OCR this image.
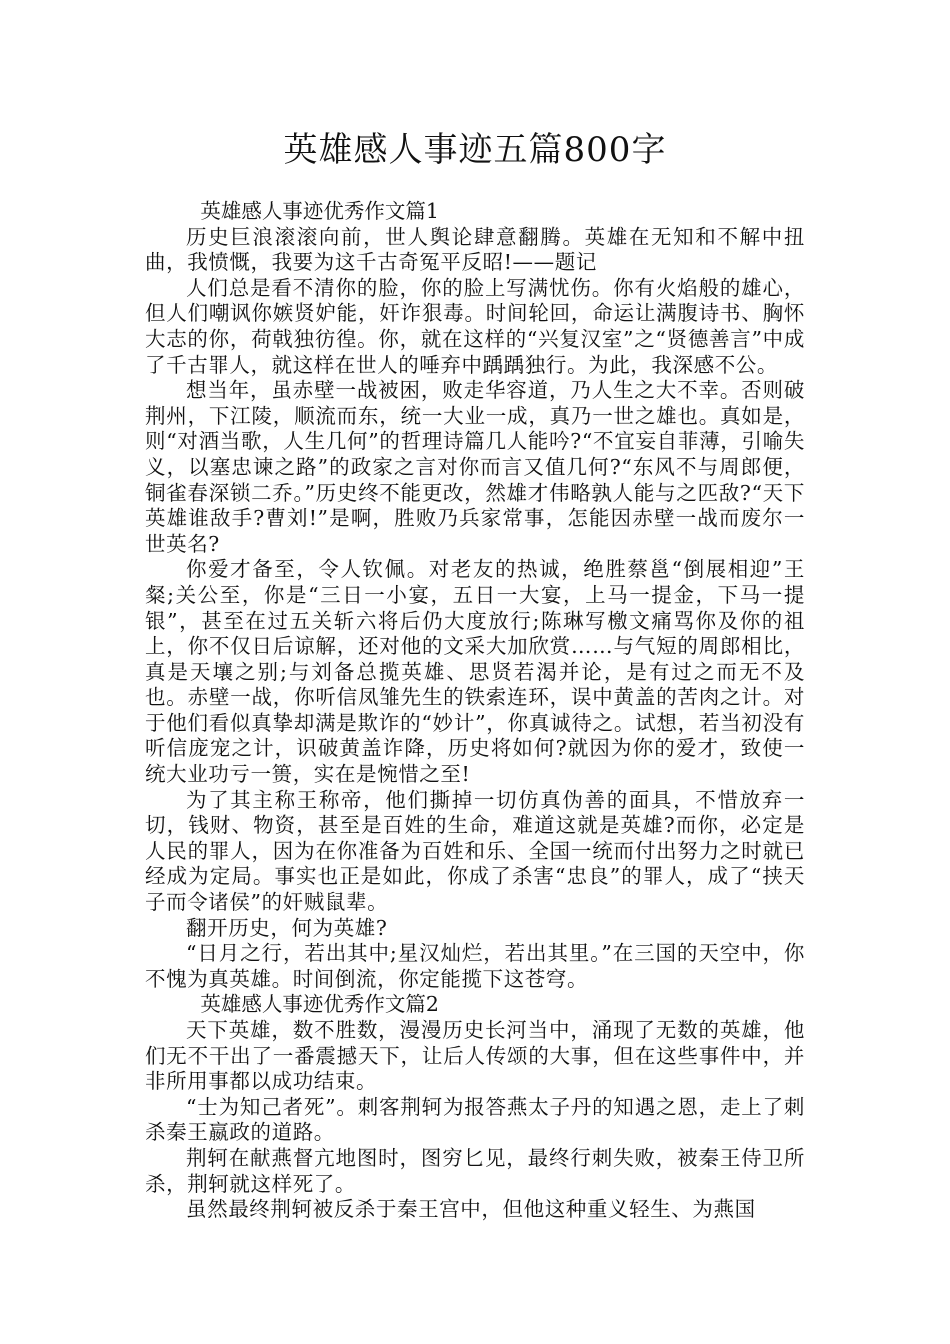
英雄感人事迹五篇800字

英雄感人事迹优秀作文篇1

历史巨浪滚滚向前，世人舆论肆意翻腾。英雄在无知和不解中扭曲，我愤慨，我要为这千古奇冤平反昭!——题记

人们总是看不清你的脸，你的脸上写满忧伤。你有火焰般的雄心，但人们嘲讽你嫉贤妒能，奸诈狠毒。时间轮回，命运让满腹诗书、胸怀大志的你，荷戟独彷徨。你，就在这样的“兴复汉室”之“贤德善言”中成了千古罪人，就这样在世人的唾弃中踽踽独行。为此，我深感不公。

想当年，虽赤壁一战被困，败走华容道，乃人生之大不幸。否则破荆州，下江陵，顺流而东，统一大业一成，真乃一世之雄也。真如是，则“对酒当歌，人生几何”的哲理诗篇几人能吟?“不宜妄自菲薄，引喻失义，以塞忠谏之路”的政家之言对你而言又值几何?“东风不与周郎便，铜雀春深锁二乔。”历史终不能更改，然雄才伟略孰人能与之匹敌?“天下英雄谁敌手?曹刘!”是啊，胜败乃兵家常事，怎能因赤壁一战而废尔一世英名?

你爱才备至，令人钦佩。对老友的热诚，绝胜蔡邕“倒展相迎”王粲;关公至，你是“三日一小宴，五日一大宴，上马一提金，下马一提银”，甚至在过五关斩六将后仍大度放行;陈琳写檄文痛骂你及你的祖上，你不仅日后谅解，还对他的文采大加欣赏……与气短的周郎相比，真是天壤之别;与刘备总揽英雄、思贤若渴并论，是有过之而无不及也。赤壁一战，你听信凤雏先生的铁索连环，误中黄盖的苦肉之计。对于他们看似真挚却满是欺诈的“妙计”，你真诚待之。试想，若当初没有听信庞宠之计，识破黄盖诈降，历史将如何?就因为你的爱才，致使一统大业功亏一篑，实在是惋惜之至!

为了其主称王称帝，他们撕掉一切仿真伪善的面具，不惜放弃一切，钱财、物资，甚至是百姓的生命，难道这就是英雄?而你，必定是人民的罪人，因为在你准备为百姓和乐、全国一统而付出努力之时就已经成为定局。事实也正是如此，你成了杀害“忠良”的罪人，成了“挟天子而令诸侯”的奸贼鼠辈。

翻开历史，何为英雄?

“日月之行，若出其中;星汉灿烂，若出其里。”在三国的天空中，你不愧为真英雄。时间倒流，你定能揽下这苍穹。

英雄感人事迹优秀作文篇2

天下英雄，数不胜数，漫漫历史长河当中，涌现了无数的英雄，他们无不干出了一番震撼天下，让后人传颂的大事，但在这些事件中，并非所用事都以成功结束。

“士为知己者死”。刺客荆轲为报答燕太子丹的知遇之恩，走上了刺杀秦王嬴政的道路。

荆轲在献燕督亢地图时，图穷匕见，最终行刺失败，被秦王侍卫所杀，荆轲就这样死了。

虽然最终荆轲被反杀于秦王宫中，但他这种重义轻生、为燕国
